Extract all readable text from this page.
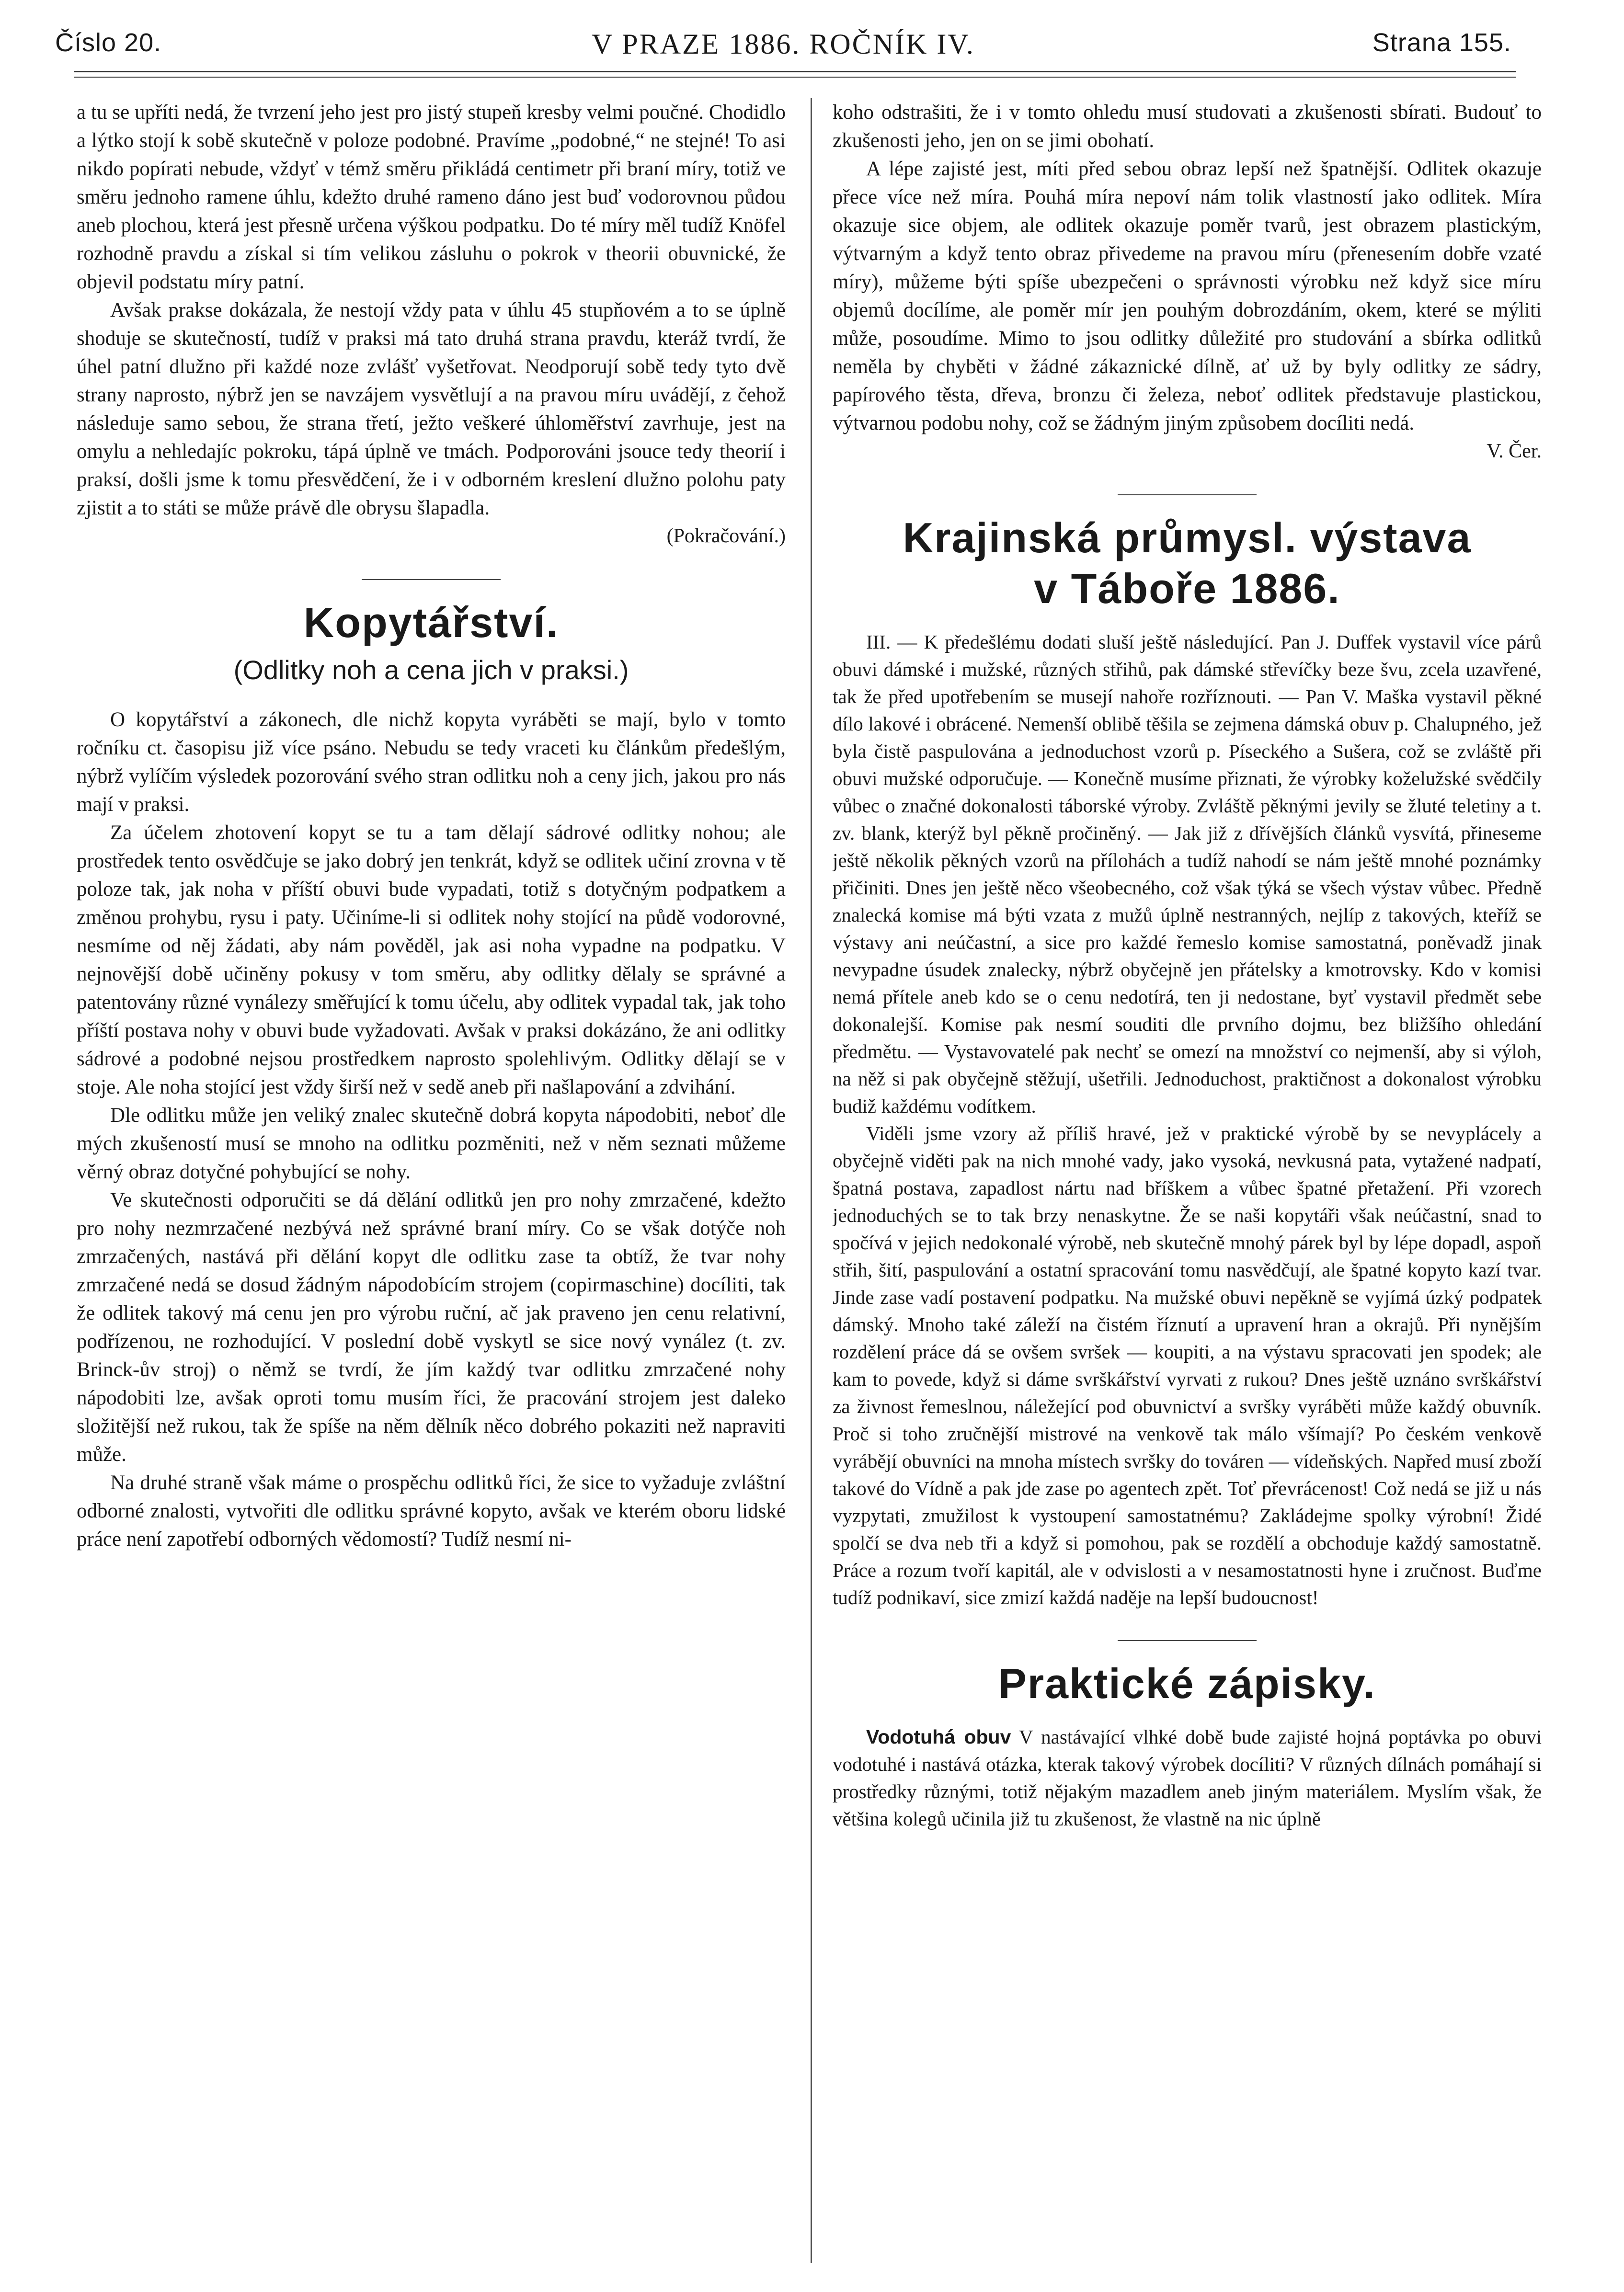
Číslo 20.	V PRAZE 1886. ROČNÍK IV.	Strana 155.

a tu se upříti nedá, že tvrzení jeho jest pro jistý stupeň kresby velmi poučné. Chodidlo a lýtko stojí k sobě skutečně v poloze podobné. Pravíme „podobné,“ ne stejné! To asi nikdo popírati nebude, vždyť v témž směru přikládá centimetr při braní míry, totiž ve směru jednoho ramene úhlu, kdežto druhé rameno dáno jest buď vodorovnou půdou aneb plochou, která jest přesně určena výškou podpatku. Do té míry měl tudíž Knöfel rozhodně pravdu a získal si tím velikou zásluhu o pokrok v theorii obuvnické, že objevil podstatu míry patní.

Avšak prakse dokázala, že nestojí vždy pata v úhlu 45 stupňovém a to se úplně shoduje se skutečností, tudíž v praksi má tato druhá strana pravdu, kteráž tvrdí, že úhel patní dlužno při každé noze zvlášť vyšetřovat. Neodporují sobě tedy tyto dvě strany naprosto, nýbrž jen se navzájem vysvětlují a na pravou míru uvádějí, z čehož následuje samo sebou, že strana třetí, ježto veškeré úhloměřství zavrhuje, jest na omylu a nehledajíc pokroku, tápá úplně ve tmách. Podporováni jsouce tedy theorií i praksí, došli jsme k tomu přesvědčení, že i v odborném kreslení dlužno polohu paty zjistit a to státi se může právě dle obrysu šlapadla.

(Pokračování.)

Kopytářství.
(Odlitky noh a cena jich v praksi.)

O kopytářství a zákonech, dle nichž kopyta vyráběti se mají, bylo v tomto ročníku ct. časopisu již více psáno. Nebudu se tedy vraceti ku článkům předešlým, nýbrž vylíčím výsledek pozorování svého stran odlitku noh a ceny jich, jakou pro nás mají v praksi.

Za účelem zhotovení kopyt se tu a tam dělají sádrové odlitky nohou; ale prostředek tento osvědčuje se jako dobrý jen tenkrát, když se odlitek učiní zrovna v tě poloze tak, jak noha v příští obuvi bude vypadati, totiž s dotyčným podpatkem a změnou prohybu, rysu i paty. Učiníme-li si odlitek nohy stojící na půdě vodorovné, nesmíme od něj žádati, aby nám pověděl, jak asi noha vypadne na podpatku. V nejnovější době učiněny pokusy v tom směru, aby odlitky dělaly se správné a patentovány různé vynálezy směřující k tomu účelu, aby odlitek vypadal tak, jak toho příští postava nohy v obuvi bude vyžadovati. Avšak v praksi dokázáno, že ani odlitky sádrové a podobné nejsou prostředkem naprosto spolehlivým. Odlitky dělají se v stoje. Ale noha stojící jest vždy širší než v sedě aneb při našlapování a zdvihání.

Dle odlitku může jen veliký znalec skutečně dobrá kopyta nápodobiti, neboť dle mých zkušeností musí se mnoho na odlitku pozměniti, než v něm seznati můžeme věrný obraz dotyčné pohybující se nohy.

Ve skutečnosti odporučiti se dá dělání odlitků jen pro nohy zmrzačené, kdežto pro nohy nezmrzačené nezbývá než správné braní míry. Co se však dotýče noh zmrzačených, nastává při dělání kopyt dle odlitku zase ta obtíž, že tvar nohy zmrzačené nedá se dosud žádným nápodobícím strojem (copirmaschine) docíliti, tak že odlitek takový má cenu jen pro výrobu ruční, ač jak praveno jen cenu relativní, podřízenou, ne rozhodující. V poslední době vyskytl se sice nový vynález (t. zv. Brinck-ův stroj) o němž se tvrdí, že jím každý tvar odlitku zmrzačené nohy nápodobiti lze, avšak oproti tomu musím říci, že pracování strojem jest daleko složitější než rukou, tak že spíše na něm dělník něco dobrého pokaziti než napraviti může.

Na druhé straně však máme o prospěchu odlitků říci, že sice to vyžaduje zvláštní odborné znalosti, vytvořiti dle odlitku správné kopyto, avšak ve kterém oboru lidské práce není zapotřebí odborných vědomostí? Tudíž nesmí ni-

koho odstrašiti, že i v tomto ohledu musí studovati a zkušenosti sbírati. Budouť to zkušenosti jeho, jen on se jimi obohatí.

A lépe zajisté jest, míti před sebou obraz lepší než špatnější. Odlitek okazuje přece více než míra. Pouhá míra nepoví nám tolik vlastností jako odlitek. Míra okazuje sice objem, ale odlitek okazuje poměr tvarů, jest obrazem plastickým, výtvarným a když tento obraz přivedeme na pravou míru (přenesením dobře vzaté míry), můžeme býti spíše ubezpečeni o správnosti výrobku než když sice míru objemů docílíme, ale poměr mír jen pouhým dobrozdáním, okem, které se mýliti může, posoudíme. Mimo to jsou odlitky důležité pro studování a sbírka odlitků neměla by chyběti v žádné zákaznické dílně, ať už by byly odlitky ze sádry, papírového těsta, dřeva, bronzu či železa, neboť odlitek představuje plastickou, výtvarnou podobu nohy, což se žádným jiným způsobem docíliti nedá.

V. Čer.

Krajinská průmysl. výstava
v Táboře 1886.

III. — K předešlému dodati sluší ještě následující. Pan J. Duffek vystavil více párů obuvi dámské i mužské, různých střihů, pak dámské střevíčky beze švu, zcela uzavřené, tak že před upotřebením se musejí nahoře rozříznouti. — Pan V. Maška vystavil pěkné dílo lakové i obrácené. Nemenší oblibě těšila se zejmena dámská obuv p. Chalupného, jež byla čistě paspulována a jednoduchost vzorů p. Píseckého a Sušera, což se zvláště při obuvi mužské odporučuje. — Konečně musíme přiznati, že výrobky koželužské svědčily vůbec o značné dokonalosti táborské výroby. Zvláště pěknými jevily se žluté teletiny a t. zv. blank, kterýž byl pěkně pročiněný. — Jak již z dřívějších článků vysvítá, přineseme ještě několik pěkných vzorů na přílohách a tudíž nahodí se nám ještě mnohé poznámky přičiniti. Dnes jen ještě něco všeobecného, což však týká se všech výstav vůbec. Předně znalecká komise má býti vzata z mužů úplně nestranných, nejlíp z takových, kteříž se výstavy ani neúčastní, a sice pro každé řemeslo komise samostatná, poněvadž jinak nevypadne úsudek znalecky, nýbrž obyčejně jen přátelsky a kmotrovsky. Kdo v komisi nemá přítele aneb kdo se o cenu nedotírá, ten ji nedostane, byť vystavil předmět sebe dokonalejší. Komise pak nesmí souditi dle prvního dojmu, bez bližšího ohledání předmětu. — Vystavovatelé pak nechť se omezí na množství co nejmenší, aby si výloh, na něž si pak obyčejně stěžují, ušetřili. Jednoduchost, praktičnost a dokonalost výrobku budiž každému vodítkem.

Viděli jsme vzory až příliš hravé, jež v praktické výrobě by se nevyplácely a obyčejně viděti pak na nich mnohé vady, jako vysoká, nevkusná pata, vytažené nadpatí, špatná postava, zapadlost nártu nad bříškem a vůbec špatné přetažení. Při vzorech jednoduchých se to tak brzy nenaskytne. Že se naši kopytáři však neúčastní, snad to spočívá v jejich nedokonalé výrobě, neb skutečně mnohý párek byl by lépe dopadl, aspoň střih, šití, paspulování a ostatní spracování tomu nasvědčují, ale špatné kopyto kazí tvar. Jinde zase vadí postavení podpatku. Na mužské obuvi nepěkně se vyjímá úzký podpatek dámský. Mnoho také záleží na čistém říznutí a upravení hran a okrajů. Při nynějším rozdělení práce dá se ovšem svršek — koupiti, a na výstavu spracovati jen spodek; ale kam to povede, když si dáme svrškářství vyrvati z rukou? Dnes ještě uznáno svrškářství za živnost řemeslnou, náležející pod obuvnictví a svršky vyráběti může každý obuvník. Proč si toho zručnější mistrové na venkově tak málo všímají? Po českém venkově vyrábějí obuvníci na mnoha místech svršky do továren — vídeňských. Napřed musí zboží takové do Vídně a pak jde zase po agentech zpět. Toť převrácenost! Což nedá se již u nás vyzpytati, zmužilost k vystoupení samostatnému? Zakládejme spolky výrobní! Židé spolčí se dva neb tři a když si pomohou, pak se rozdělí a obchoduje každý samostatně. Práce a rozum tvoří kapitál, ale v odvislosti a v nesamostatnosti hyne i zručnost. Buďme tudíž podnikaví, sice zmizí každá naděje na lepší budoucnost!

Praktické zápisky.

Vodotuhá obuv V nastávající vlhké době bude zajisté hojná poptávka po obuvi vodotuhé i nastává otázka, kterak takový výrobek docíliti? V různých dílnách pomáhají si prostředky různými, totiž nějakým mazadlem aneb jiným materiálem. Myslím však, že většina kolegů učinila již tu zkušenost, že vlastně na nic úplně
